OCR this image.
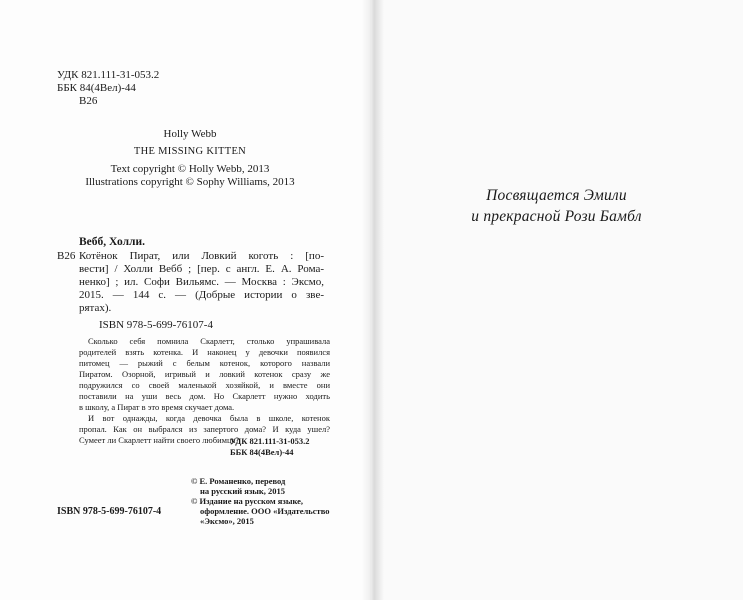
УДК 821.111-31-053.2
ББК 84(4Вел)-44
В26
Holly Webb
THE MISSING KITTEN
Text copyright © Holly Webb, 2013
Illustrations copyright © Sophy Williams, 2013
Вебб, Холли.
В26 Котёнок Пират, или Ловкий коготь : [по-
вести] / Холли Вебб ; [пер. с англ. Е. А. Рома-
ненко] ; ил. Софи Вильямс. — Москва : Эксмо,
2015. — 144 с. — (Добрые истории о зве-
рятах).
ISBN 978-5-699-76107-4
Сколько себя помнила Скарлетт, столько упрашивала
родителей взять котенка. И наконец у девочки появился
питомец — рыжий с белым котенок, которого назвали
Пиратом. Озорной, игривый и ловкий котенок сразу же
подружился со своей маленькой хозяйкой, и вместе они
поставили на уши весь дом. Но Скарлетт нужно ходить
в школу, а Пират в это время скучает дома.
И вот однажды, когда девочка была в школе, котенок
пропал. Как он выбрался из запертого дома? И куда ушел?
Сумеет ли Скарлетт найти своего любимца?
УДК 821.111-31-053.2
ББК 84(4Вел)-44
ISBN 978-5-699-76107-4
© Е. Романенко, перевод
на русский язык, 2015
© Издание на русском языке,
оформление. ООО «Издательство
«Эксмо», 2015
Посвящается Эмили
и прекрасной Рози Бамбл
